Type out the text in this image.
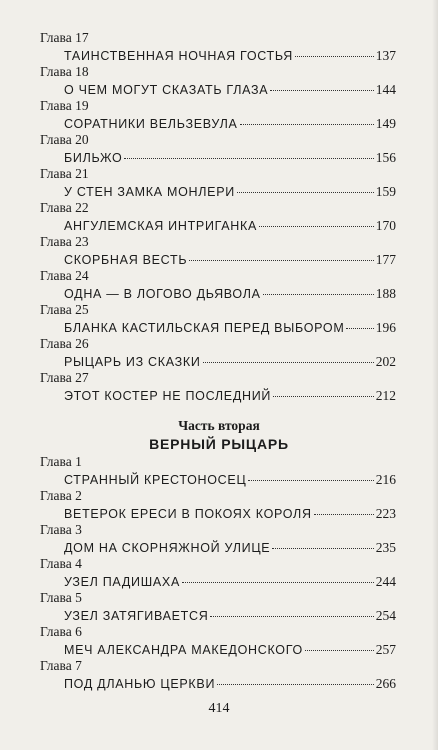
Глава 17
ТАИНСТВЕННАЯ НОЧНАЯ ГОСТЬЯ	137
Глава 18
О ЧЕМ МОГУТ СКАЗАТЬ ГЛАЗА	144
Глава 19
СОРАТНИКИ ВЕЛЬЗЕВУЛА	149
Глава 20
БИЛЬЖО	156
Глава 21
У СТЕН ЗАМКА МОНЛЕРИ	159
Глава 22
АНГУЛЕМСКАЯ ИНТРИГАНКА	170
Глава 23
СКОРБНАЯ ВЕСТЬ	177
Глава 24
ОДНА — В ЛОГОВО ДЬЯВОЛА	188
Глава 25
БЛАНКА КАСТИЛЬСКАЯ ПЕРЕД ВЫБОРОМ 196
Глава 26
РЫЦАРЬ ИЗ СКАЗКИ	202
Глава 27
ЭТОТ КОСТЕР НЕ ПОСЛЕДНИЙ	212
Часть вторая
ВЕРНЫЙ РЫЦАРЬ
Глава 1
СТРАННЫЙ КРЕСТОНОСЕЦ	216
Глава 2
ВЕТЕРОК ЕРЕСИ В ПОКОЯХ КОРОЛЯ	223
Глава 3
ДОМ НА СКОРНЯЖНОЙ УЛИЦЕ	235
Глава 4
УЗЕЛ ПАДИШАХА	244
Глава 5
УЗЕЛ ЗАТЯГИВАЕТСЯ	254
Глава 6
МЕЧ АЛЕКСАНДРА МАКЕДОНСКОГО	257
Глава 7
ПОД ДЛАНЬЮ ЦЕРКВИ	266
414
